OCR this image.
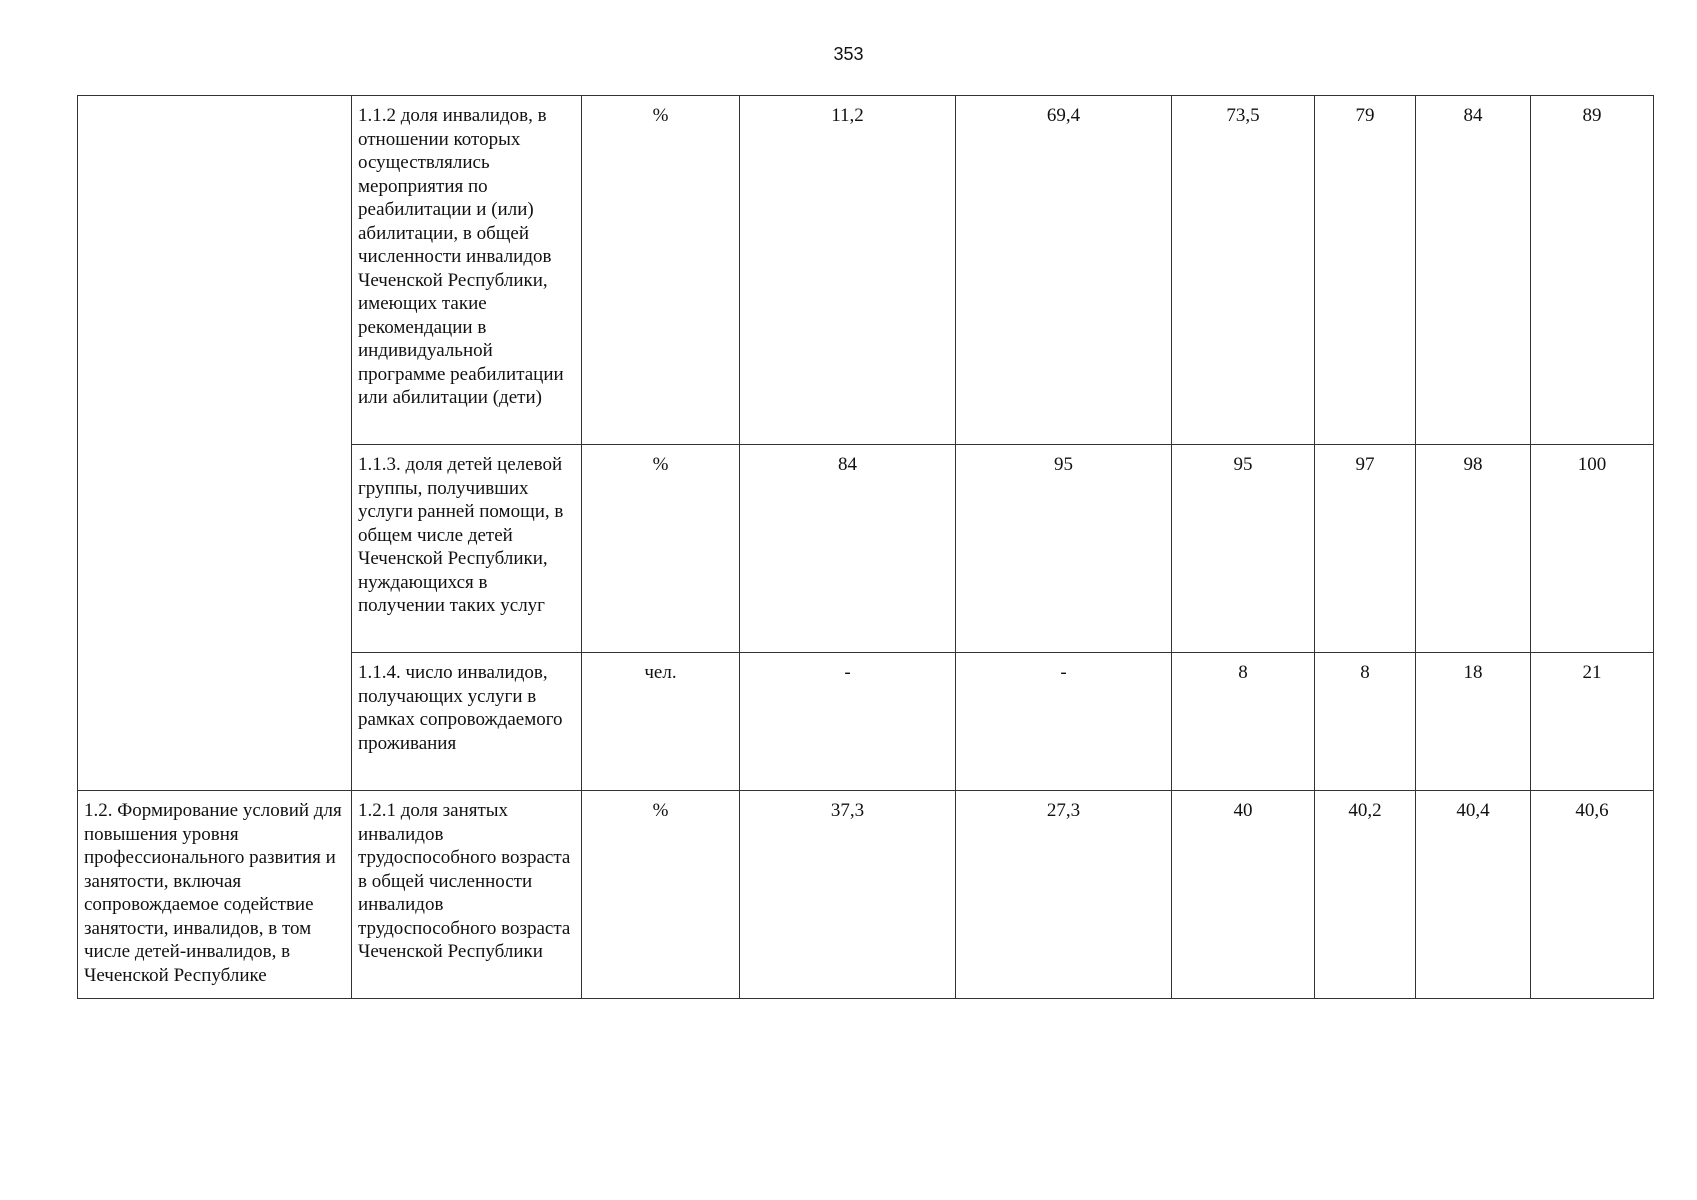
353
	1.1.2 доля инвалидов, в отношении которых осуществлялись мероприятия по реабилитации и (или) абилитации, в общей численности инвалидов Чеченской Республики, имеющих такие рекомендации в индивидуальной программе реабилитации или абилитации (дети)	%	11,2	69,4	73,5	79	84	89
	1.1.3. доля детей целевой группы, получивших услуги ранней помощи, в общем числе детей Чеченской Республики, нуждающихся в получении таких услуг	%	84	95	95	97	98	100
	1.1.4. число инвалидов, получающих услуги в рамках сопровождаемого проживания	чел.	-	-	8	8	18	21
1.2. Формирование условий для повышения уровня профессионального развития и занятости, включая сопровождаемое содействие занятости, инвалидов, в том числе детей-инвалидов, в Чеченской Республике	1.2.1 доля занятых инвалидов трудоспособного возраста в общей численности инвалидов трудоспособного возраста Чеченской Республики	%	37,3	27,3	40	40,2	40,4	40,6
